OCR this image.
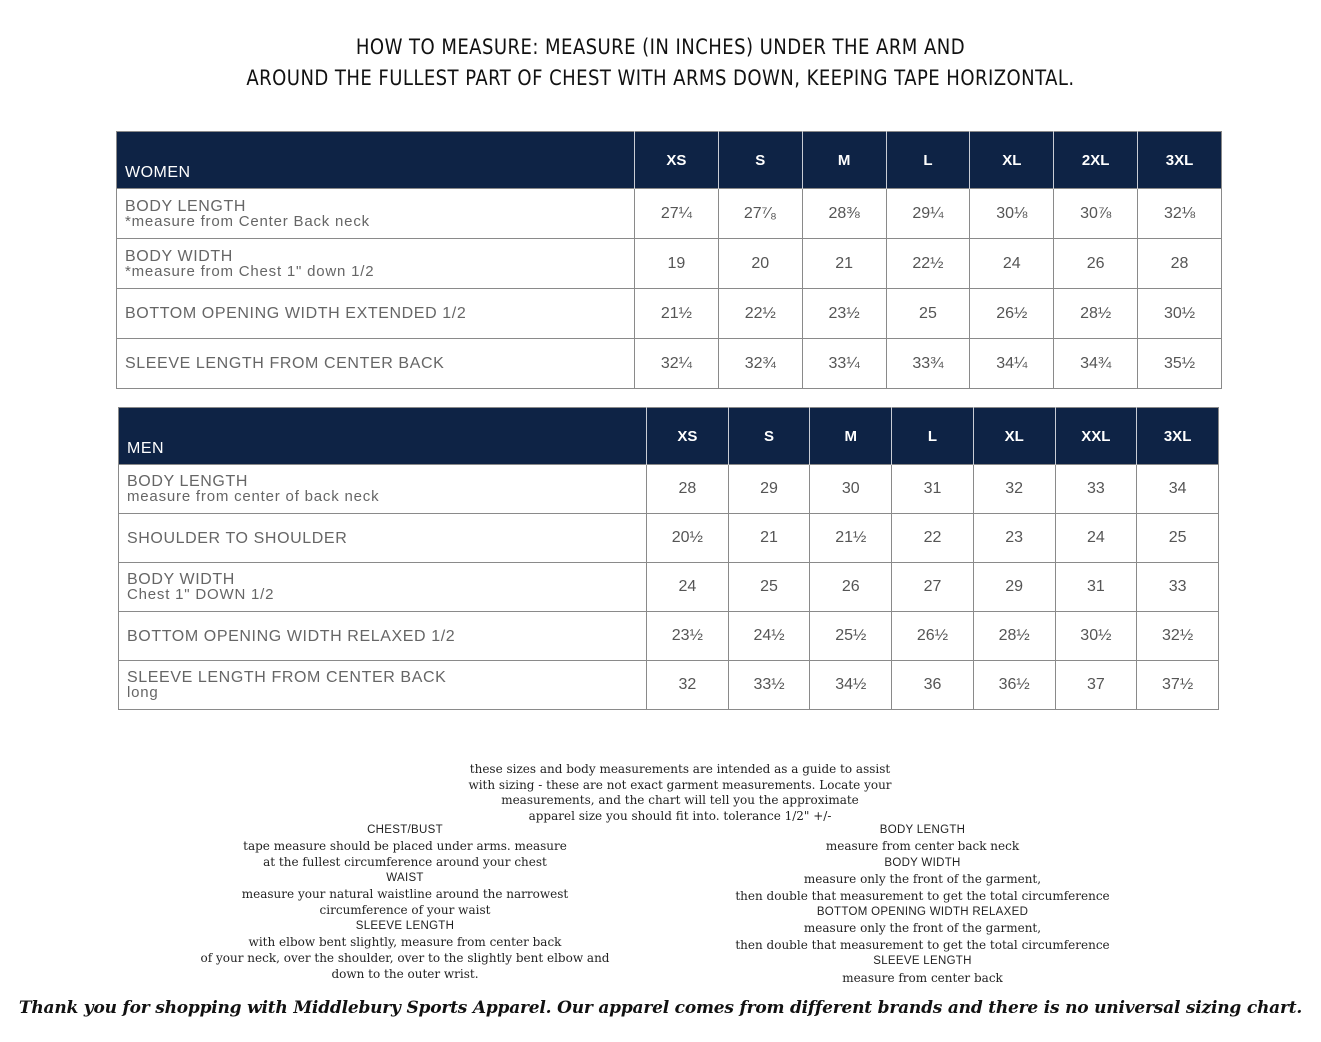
HOW TO MEASURE: MEASURE (IN INCHES) UNDER THE ARM AND
AROUND THE FULLEST PART OF CHEST WITH ARMS DOWN, KEEPING TAPE HORIZONTAL.
WOMEN	XS	S	M	L	XL	2XL	3XL

BODY LENGTH
*measure from Center Back neck	27¼	27⁷⁄₈	28⅜	29¼	30⅛	30⅞	32⅛

BODY WIDTH
*measure from Chest 1" down 1/2	19	20	21	22½	24	26	28

BOTTOM OPENING WIDTH EXTENDED 1/2	21½	22½	23½	25	26½	28½	30½

SLEEVE LENGTH FROM CENTER BACK	32¼	32¾	33¼	33¾	34¼	34¾	35½
MEN	XS	S	M	L	XL	XXL	3XL

BODY LENGTH
measure from center of back neck	28	29	30	31	32	33	34

SHOULDER TO SHOULDER	20½	21	21½	22	23	24	25

BODY WIDTH
Chest 1" DOWN 1/2	24	25	26	27	29	31	33

BOTTOM OPENING WIDTH RELAXED 1/2	23½	24½	25½	26½	28½	30½	32½

SLEEVE LENGTH FROM CENTER BACK
long	32	33½	34½	36	36½	37	37½
these sizes and body measurements are intended as a guide to assist
with sizing - these are not exact garment measurements. Locate your
measurements, and the chart will tell you the approximate
apparel size you should fit into. tolerance 1/2" +/-
CHEST/BUST
tape measure should be placed under arms. measure
at the fullest circumference around your chest
WAIST
measure your natural waistline around the narrowest
circumference of your waist
SLEEVE LENGTH
with elbow bent slightly, measure from center back
of your neck, over the shoulder, over to the slightly bent elbow and
down to the outer wrist.
BODY LENGTH
measure from center back neck
BODY WIDTH
measure only the front of the garment,
then double that measurement to get the total circumference
BOTTOM OPENING WIDTH RELAXED
measure only the front of the garment,
then double that measurement to get the total circumference
SLEEVE LENGTH
measure from center back
Thank you for shopping with Middlebury Sports Apparel. Our apparel comes from different brands and there is no universal sizing chart.
